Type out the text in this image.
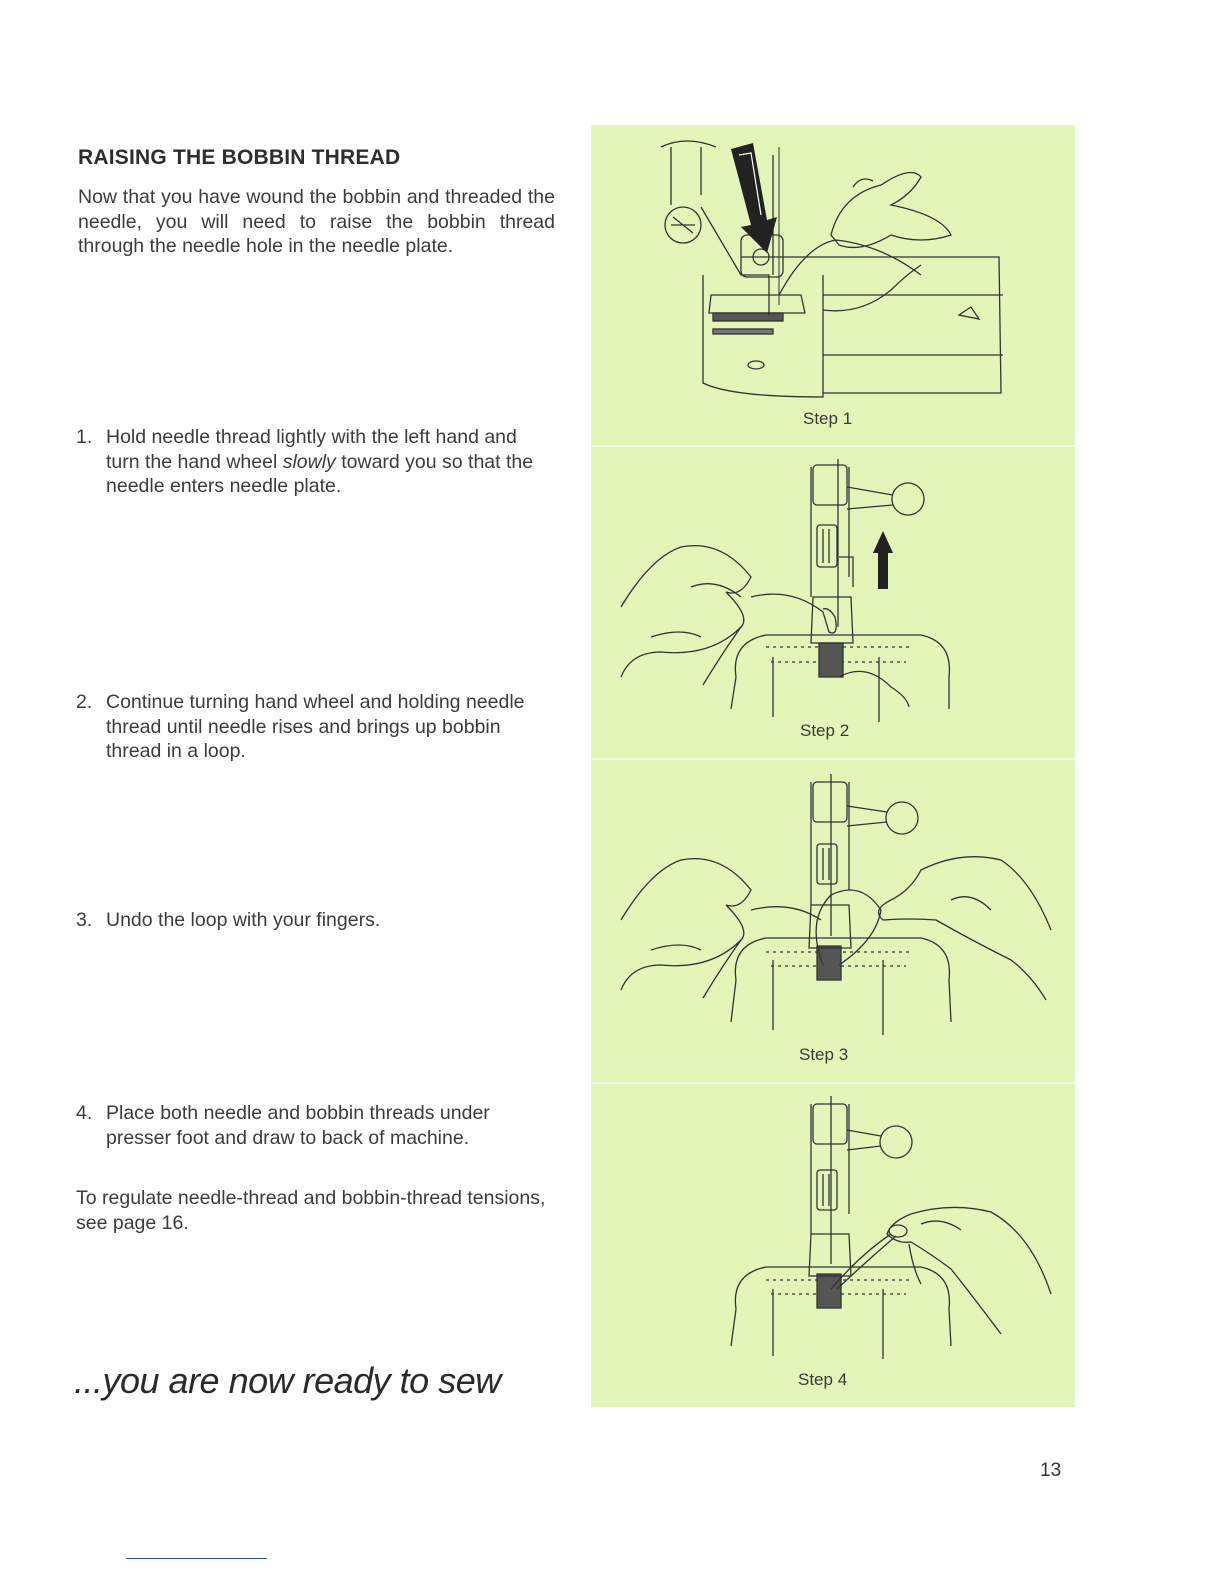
RAISING THE BOBBIN THREAD
Now that you have wound the bobbin and threaded the needle, you will need to raise the bobbin thread through the needle hole in the needle plate.
1. Hold needle thread lightly with the left hand and turn the hand wheel slowly toward you so that the needle enters needle plate.
2. Continue turning hand wheel and holding needle thread until needle rises and brings up bobbin thread in a loop.
3. Undo the loop with your fingers.
4. Place both needle and bobbin threads under presser foot and draw to back of machine.
To regulate needle-thread and bobbin-thread tensions, see page 16.
...you are now ready to sew
13
Step 1
Step 2
Step 3
Step 4
